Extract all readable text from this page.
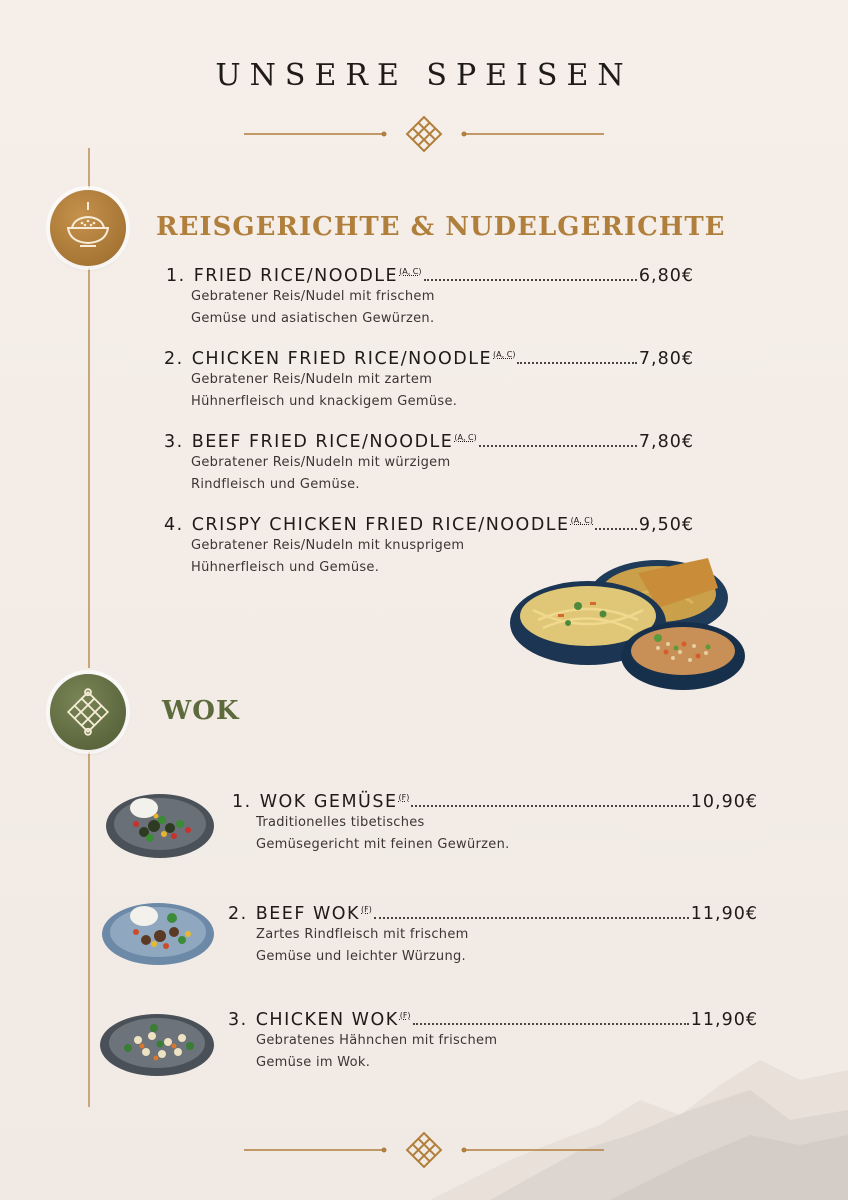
UNSERE SPEISEN
REISGERICHTE & NUDELGERICHTE
1. FRIED RICE/NOODLE (A, C)	6,80€
Gebratener Reis/Nudel mit frischem
Gemüse und asiatischen Gewürzen.
2. CHICKEN FRIED RICE/NOODLE (A, C)	7,80€
Gebratener Reis/Nudeln mit zartem
Hühnerfleisch und knackigem Gemüse.
3. BEEF FRIED RICE/NOODLE (A, C)	7,80€
Gebratener Reis/Nudeln mit würzigem
Rindfleisch und Gemüse.
4. CRISPY CHICKEN FRIED RICE/NOODLE (A, C)	9,50€
Gebratener Reis/Nudeln mit knusprigem
Hühnerfleisch und Gemüse.
WOK
1. WOK GEMÜSE (F)	10,90€
Traditionelles tibetisches
Gemüsegericht mit feinen Gewürzen.
2. BEEF WOK (F)	11,90€
Zartes Rindfleisch mit frischem
Gemüse und leichter Würzung.
3. CHICKEN WOK (F)	11,90€
Gebratenes Hähnchen mit frischem
Gemüse im Wok.
